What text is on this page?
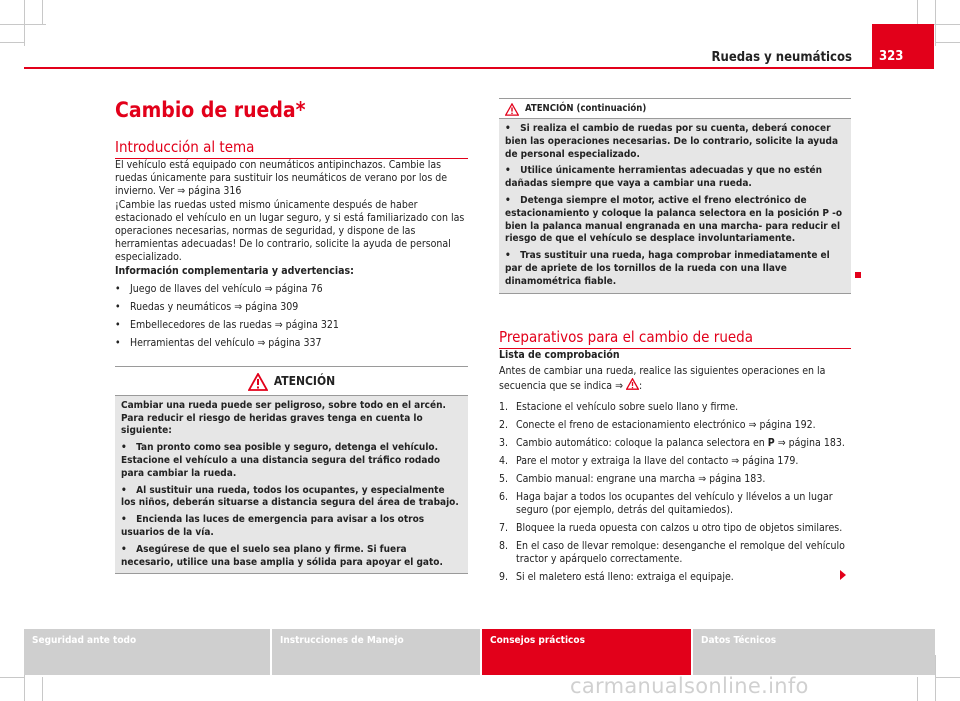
Ruedas y neumáticos	323
Cambio de rueda*
Introducción al tema

El vehículo está equipado con neumáticos antipinchazos. Cambie las ruedas únicamente para sustituir los neumáticos de verano por los de invierno. Ver ⇒ página 316

¡Cambie las ruedas usted mismo únicamente después de haber estacionado el vehículo en un lugar seguro, y si está familiarizado con las operaciones necesarias, normas de seguridad, y dispone de las herramientas adecuadas! De lo contrario, solicite la ayuda de personal especializado.

Información complementaria y advertencias:

• Juego de llaves del vehículo ⇒ página 76
• Ruedas y neumáticos ⇒ página 309
• Embellecedores de las ruedas ⇒ página 321
• Herramientas del vehículo ⇒ página 337
ATENCIÓN
Cambiar una rueda puede ser peligroso, sobre todo en el arcén. Para reducir el riesgo de heridas graves tenga en cuenta lo siguiente:
•   Tan pronto como sea posible y seguro, detenga el vehículo. Estacione el vehículo a una distancia segura del tráfico rodado para cambiar la rueda.
•   Al sustituir una rueda, todos los ocupantes, y especialmente los niños, deberán situarse a distancia segura del área de trabajo.
•   Encienda las luces de emergencia para avisar a los otros usuarios de la vía.
•   Asegúrese de que el suelo sea plano y firme. Si fuera necesario, utilice una base amplia y sólida para apoyar el gato.
ATENCIÓN (continuación)
•   Si realiza el cambio de ruedas por su cuenta, deberá conocer bien las operaciones necesarias. De lo contrario, solicite la ayuda de personal especializado.
•   Utilice únicamente herramientas adecuadas y que no estén dañadas siempre que vaya a cambiar una rueda.
•   Detenga siempre el motor, active el freno electrónico de estacionamiento y coloque la palanca selectora en la posición P -o bien la palanca manual engranada en una marcha- para reducir el riesgo de que el vehículo se desplace involuntariamente.
•   Tras sustituir una rueda, haga comprobar inmediatamente el par de apriete de los tornillos de la rueda con una llave dinamométrica fiable.
Preparativos para el cambio de rueda

Lista de comprobación

Antes de cambiar una rueda, realice las siguientes operaciones en la secuencia que se indica ⇒ :

1. Estacione el vehículo sobre suelo llano y firme.
2. Conecte el freno de estacionamiento electrónico ⇒ página 192.
3. Cambio automático: coloque la palanca selectora en P ⇒ página 183.
4. Pare el motor y extraiga la llave del contacto ⇒ página 179.
5. Cambio manual: engrane una marcha ⇒ página 183.
6. Haga bajar a todos los ocupantes del vehículo y llévelos a un lugar seguro (por ejemplo, detrás del quitamiedos).
7. Bloquee la rueda opuesta con calzos u otro tipo de objetos similares.
8. En el caso de llevar remolque: desenganche el remolque del vehículo tractor y apárquelo correctamente.
9. Si el maletero está lleno: extraiga el equipaje.
Seguridad ante todo	Instrucciones de Manejo	Consejos prácticos	Datos Técnicos
carmanualsonline.info
